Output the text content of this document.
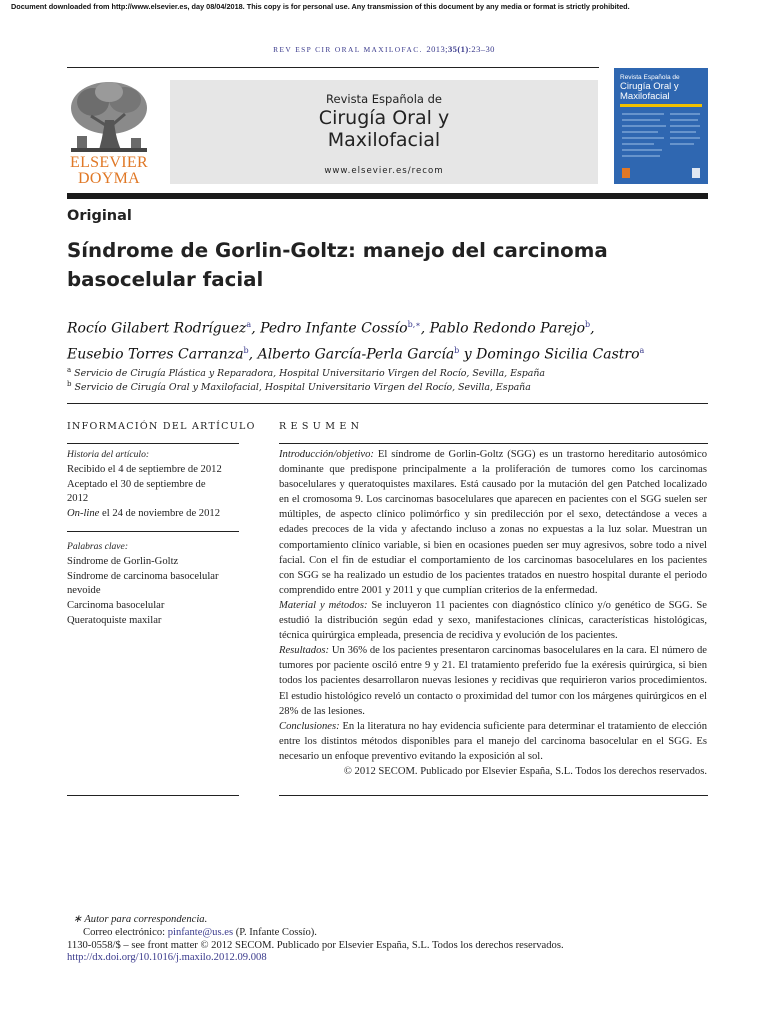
Document downloaded from http://www.elsevier.es, day 08/04/2018. This copy is for personal use. Any transmission of this document by any media or format is strictly prohibited.
REV ESP CIR ORAL MAXILOFAC. 2013;35(1):23–30
ELSEVIER
DOYMA
Revista Española de
Cirugía Oral y
Maxilofacial
www.elsevier.es/recom
Revista Española de
Cirugía Oral y
Maxilofacial
Original
Síndrome de Gorlin-Goltz: manejo del carcinoma
basocelular facial
Rocío Gilabert Rodríguez$^a$, Pedro Infante Cossío$^{b,∗}$, Pablo Redondo Parejo$^b$,
Eusebio Torres Carranza$^b$, Alberto García-Perla García$^b$ y Domingo Sicilia Castro$^a$
$^a$ Servicio de Cirugía Plástica y Reparadora, Hospital Universitario Virgen del Rocío, Sevilla, España
$^b$ Servicio de Cirugía Oral y Maxilofacial, Hospital Universitario Virgen del Rocío, Sevilla, España
INFORMACIÓN DEL ARTÍCULO RESUMEN
Historia del artículo:
Recibido el 4 de septiembre de 2012
Aceptado el 30 de septiembre de
2012
On-line el 24 de noviembre de 2012
Palabras clave:
Síndrome de Gorlin-Goltz
Síndrome de carcinoma basocelular
nevoide
Carcinoma basocelular
Queratoquiste maxilar

Introducción/objetivo: El síndrome de Gorlin-Goltz (SGG) es un trastorno hereditario autosómico dominante que predispone principalmente a la proliferación de tumores como los carcinomas basocelulares y queratoquistes maxilares. Está causado por la mutación del gen Patched localizado en el cromosoma 9. Los carcinomas basocelulares que aparecen en pacientes con el SGG suelen ser múltiples, de aspecto clínico polimórfico y sin predilección por el sexo, detectándose a veces a edades precoces de la vida y afectando incluso a zonas no expuestas a la luz solar. Muestran un comportamiento clínico variable, si bien en ocasiones pueden ser muy agresivos, sobre todo a nivel facial. Con el fin de estudiar el comportamiento de los carcinomas basocelulares en los pacientes con SGG se ha realizado un estudio de los pacientes tratados en nuestro hospital durante el periodo comprendido entre 2001 y 2011 y que cumplían criterios de la enfermedad.

Material y métodos: Se incluyeron 11 pacientes con diagnóstico clínico y/o genético de SGG. Se estudió la distribución según edad y sexo, manifestaciones clínicas, características histológicas, técnica quirúrgica empleada, presencia de recidiva y evolución de los pacientes.

Resultados: Un 36% de los pacientes presentaron carcinomas basocelulares en la cara. El número de tumores por paciente osciló entre 9 y 21. El tratamiento preferido fue la exéresis quirúrgica, si bien todos los pacientes desarrollaron nuevas lesiones y recidivas que requirieron varios procedimientos. El estudio histológico reveló un contacto o proximidad del tumor con los márgenes quirúrgicos en el 28% de las lesiones.

Conclusiones: En la literatura no hay evidencia suficiente para determinar el tratamiento de elección entre los distintos métodos disponibles para el manejo del carcinoma basocelular en el SGG. Es necesario un enfoque preventivo evitando la exposición al sol.

© 2012 SECOM. Publicado por Elsevier España, S.L. Todos los derechos reservados.

∗ Autor para correspondencia.
Correo electrónico: pinfante@us.es (P. Infante Cossío).
1130-0558/$ – see front matter © 2012 SECOM. Publicado por Elsevier España, S.L. Todos los derechos reservados.
http://dx.doi.org/10.1016/j.maxilo.2012.09.008
